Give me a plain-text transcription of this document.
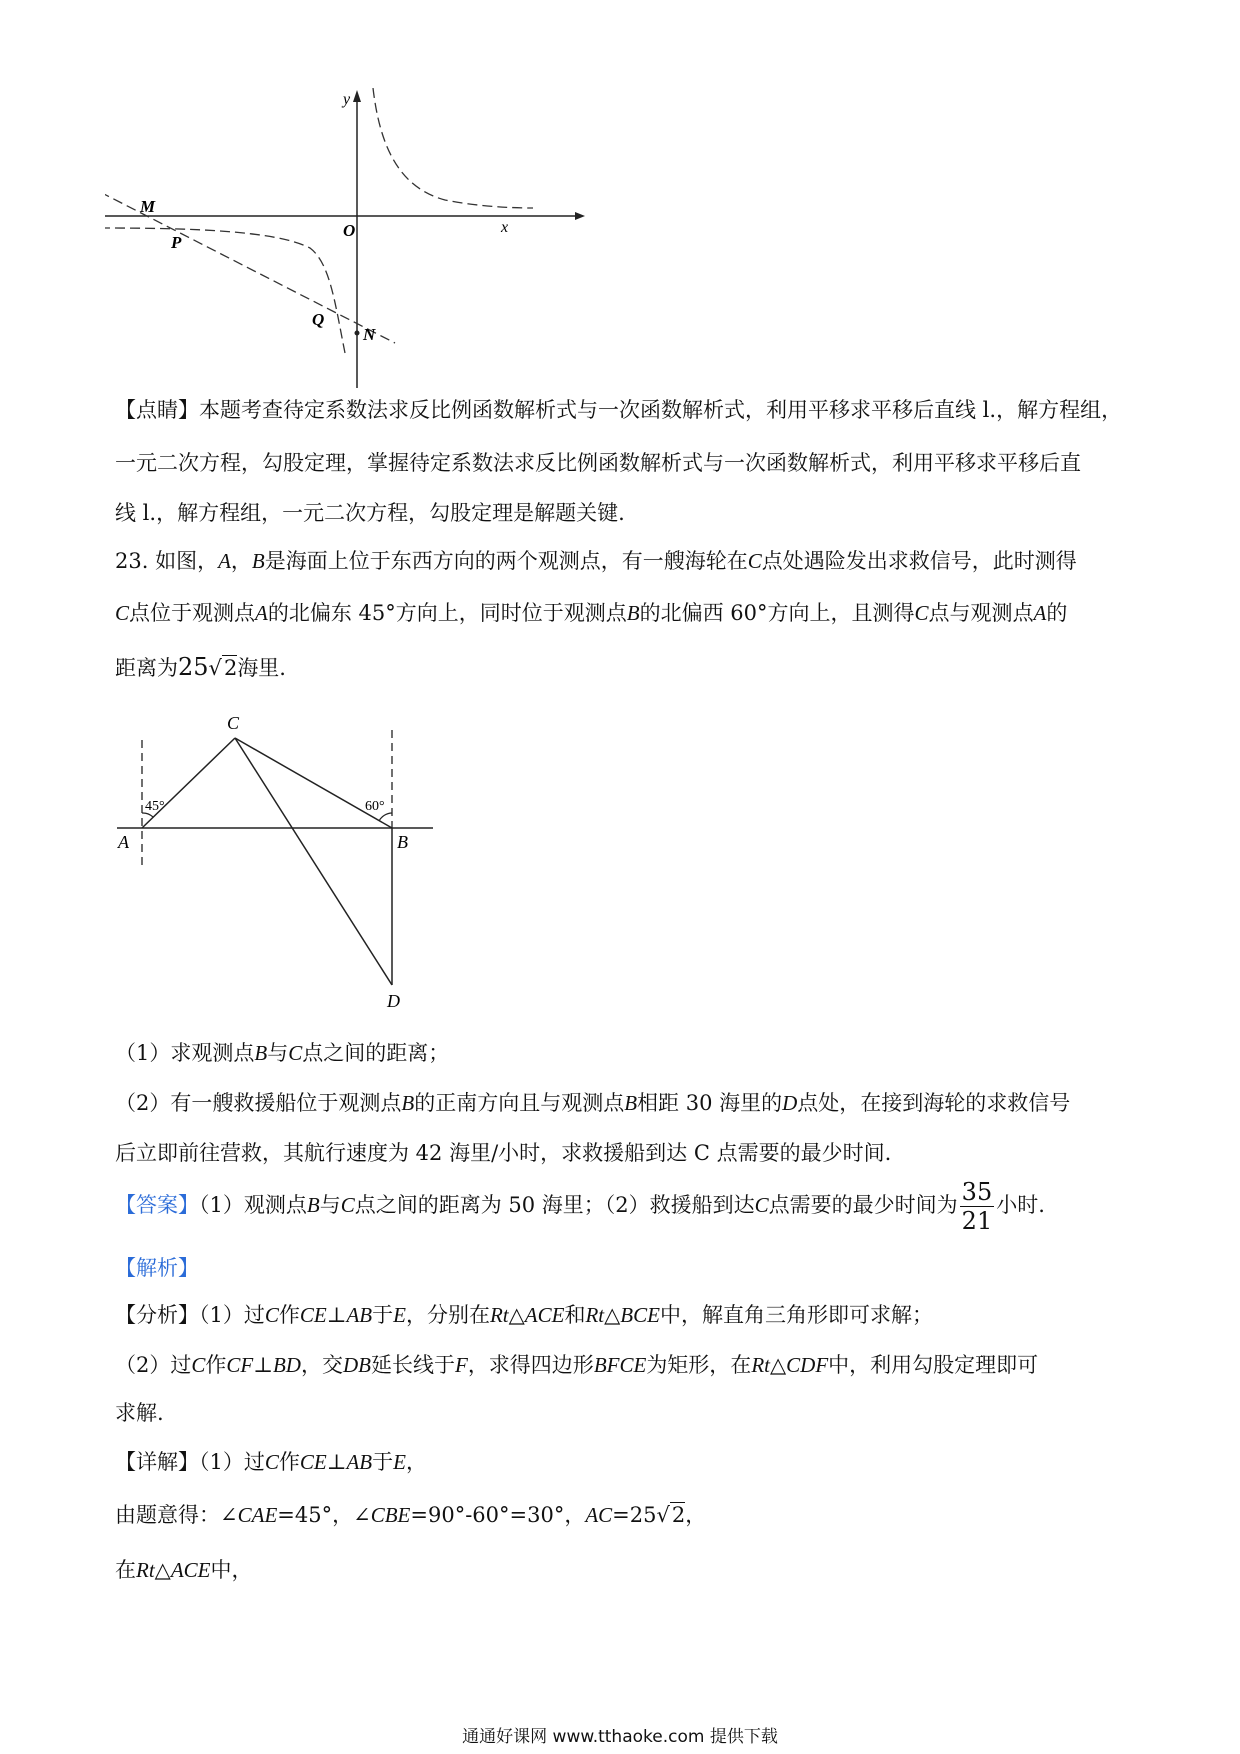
y
M
P
O	x
Q
N
【点睛】本题考查待定系数法求反比例函数解析式与一次函数解析式，利用平移求平移后直线 l.，解方程组，
一元二次方程，勾股定理，掌握待定系数法求反比例函数解析式与一次函数解析式，利用平移求平移后直
线 l.，解方程组，一元二次方程，勾股定理是解题关键.
23. 如图，A，B是海面上位于东西方向的两个观测点，有一艘海轮在C点处遇险发出求救信号，此时测得
C点位于观测点A的北偏东 45°方向上，同时位于观测点B的北偏西 60°方向上，且测得C点与观测点A的
距离为25√2海里.
C
A	B
D
45°	60°
（1）求观测点B与C点之间的距离；
（2）有一艘救援船位于观测点B的正南方向且与观测点B相距 30 海里的D点处，在接到海轮的求救信号
后立即前往营救，其航行速度为 42 海里/小时，求救援船到达 C 点需要的最少时间.
【答案】（1）观测点B与C点之间的距离为 50 海里；（2）救援船到达C点需要的最少时间为 $\frac{35}{21}$ 小时.
【解析】
【分析】（1）过C作CE⊥AB于E，分别在Rt△ACE和Rt△BCE中，解直角三角形即可求解；
（2）过C作CF⊥BD，交DB延长线于F，求得四边形BFCE为矩形，在Rt△CDF中，利用勾股定理即可
求解.
【详解】（1）过C作CE⊥AB于E，
由题意得：∠CAE=45°，∠CBE=90°-60°=30°，AC=25√2，
在Rt△ACE中，
通通好课网 www.tthaoke.com 提供下载
